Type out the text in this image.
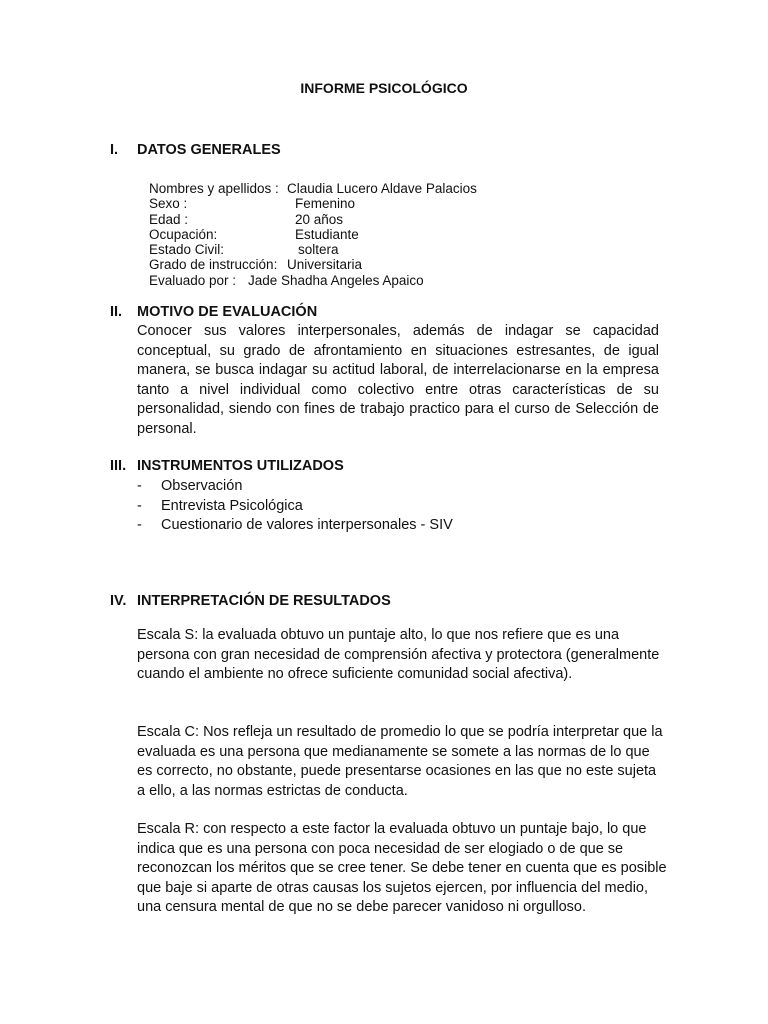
INFORME PSICOLÓGICO
I.	DATOS GENERALES
Nombres y apellidos : Claudia Lucero Aldave Palacios
Sexo :	Femenino
Edad :	20 años
Ocupación:	Estudiante
Estado Civil:	soltera
Grado de instrucción: Universitaria
Evaluado por : Jade Shadha Angeles Apaico
II.	MOTIVO DE EVALUACIÓN

Conocer sus valores interpersonales, además de indagar se capacidad conceptual, su grado de afrontamiento en situaciones estresantes, de igual manera, se busca indagar su actitud laboral, de interrelacionarse en la empresa tanto a nivel individual como colectivo entre otras características de su personalidad, siendo con fines de trabajo practico para el curso de Selección de personal.

III. INSTRUMENTOS UTILIZADOS
-	Observación
-	Entrevista Psicológica
-	Cuestionario de valores interpersonales - SIV
IV. INTERPRETACIÓN DE RESULTADOS

Escala S: la evaluada obtuvo un puntaje alto, lo que nos refiere que es una persona con gran necesidad de comprensión afectiva y protectora (generalmente cuando el ambiente no ofrece suficiente comunidad social afectiva).

Escala C: Nos refleja un resultado de promedio lo que se podría interpretar que la evaluada es una persona que medianamente se somete a las normas de lo que es correcto, no obstante, puede presentarse ocasiones en las que no este sujeta a ello, a las normas estrictas de conducta.

Escala R: con respecto a este factor la evaluada obtuvo un puntaje bajo, lo que indica que es una persona con poca necesidad de ser elogiado o de que se reconozcan los méritos que se cree tener. Se debe tener en cuenta que es posible que baje si aparte de otras causas los sujetos ejercen, por influencia del medio, una censura mental de que no se debe parecer vanidoso ni orgulloso.
